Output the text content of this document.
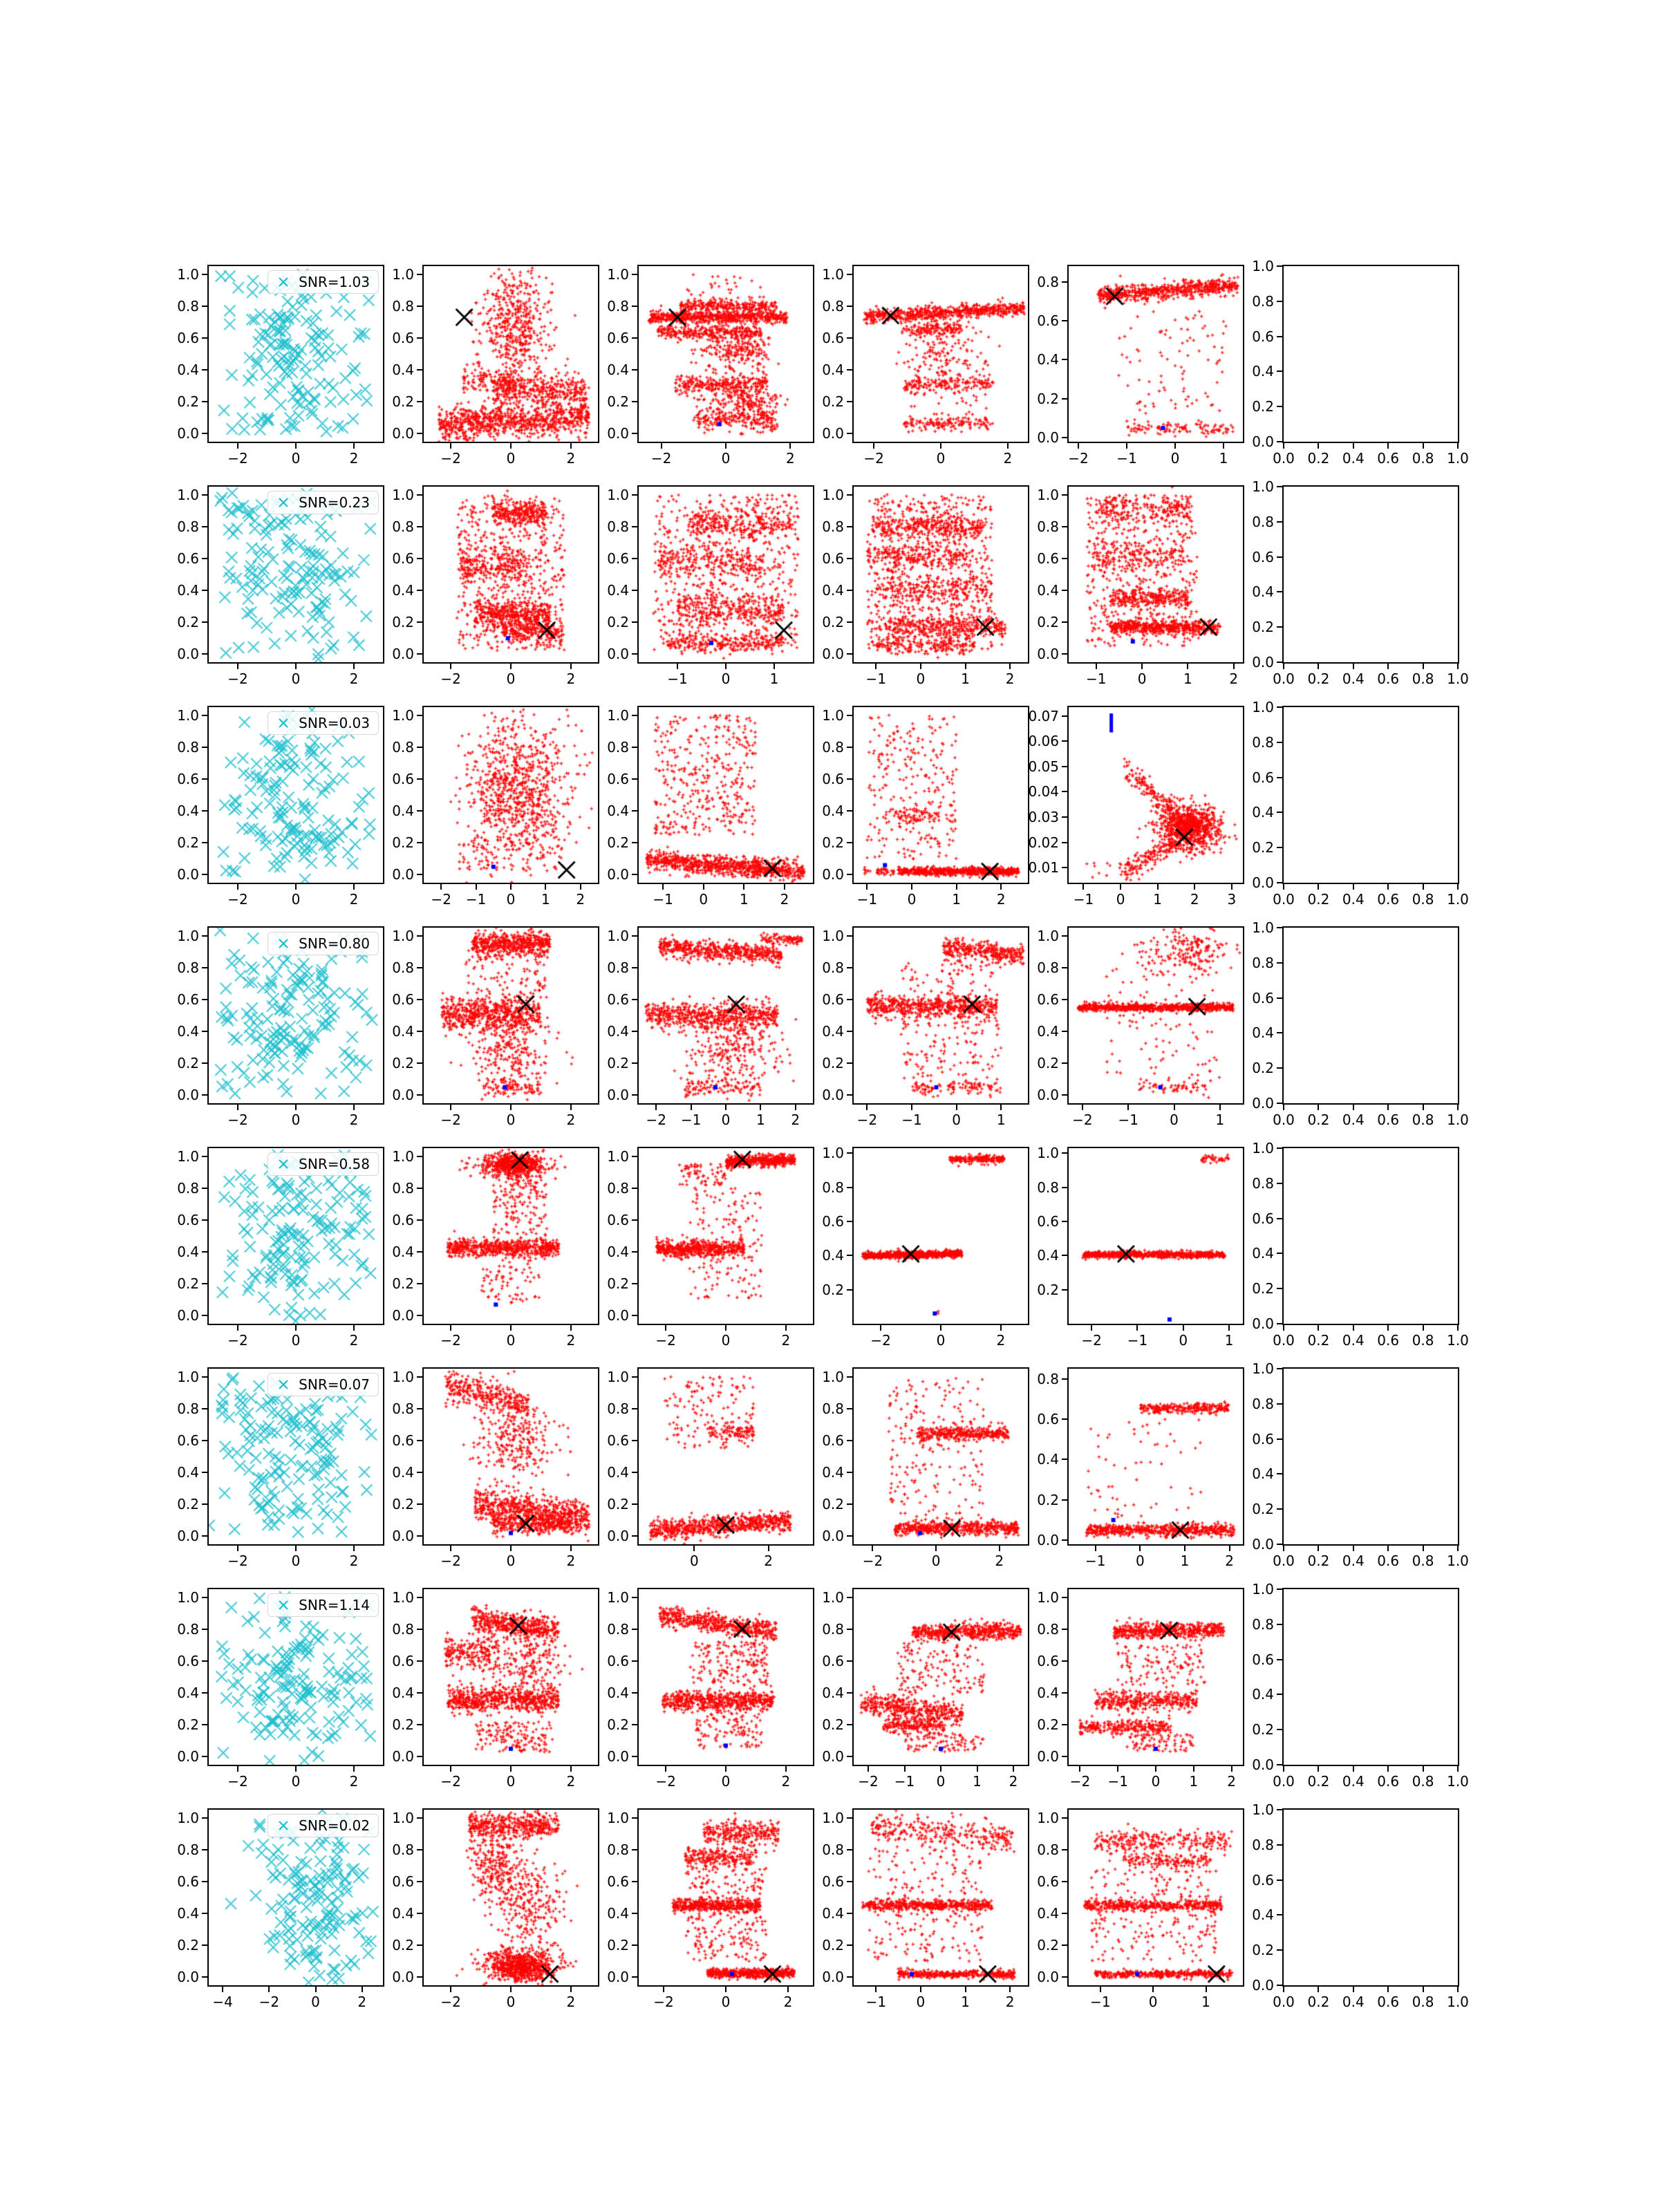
−2	0	2
0.0
0.2
0.4
0.6
0.8
1.0	SNR=1.03
−2	0	2
0.0
0.2
0.4
0.6
0.8
1.0
−2	0	2
0.0
0.2
0.4
0.6
0.8
1.0
−2	0	2
0.0
0.2
0.4
0.6
0.8
1.0
−2 −1 0	1
0.0
0.2
0.4
0.6
0.8
0.0 0.2 0.4 0.6 0.8 1.0
0.0
0.2
0.4
0.6
0.8
1.0
−2	0	2
0.0
0.2
0.4
0.6
0.8
1.0	SNR=0.23
−2	0	2
0.0
0.2
0.4
0.6
0.8
1.0
−1 0	1
0.0
0.2
0.4
0.6
0.8
1.0
−1 0	1	2
0.0
0.2
0.4
0.6
0.8
1.0
−1 0	1	2
0.0
0.2
0.4
0.6
0.8
1.0
0.0 0.2 0.4 0.6 0.8 1.0
0.0
0.2
0.4
0.6
0.8
1.0
−2	0	2
0.0
0.2
0.4
0.6
0.8
1.0	SNR=0.03
−2 −1 0 1 2
0.0
0.2
0.4
0.6
0.8
1.0
−1 0 1 2
0.0
0.2
0.4
0.6
0.8
1.0
−1 0	1	2
0.0
0.2
0.4
0.6
0.8
1.0
−1 0 1 2 3
0.01
0.02
0.03
0.04
0.05
0.06
0.07
0.0 0.2 0.4 0.6 0.8 1.0
0.0
0.2
0.4
0.6
0.8
1.0
−2	0	2
0.0
0.2
0.4
0.6
0.8
1.0	SNR=0.80
−2	0	2
0.0
0.2
0.4
0.6
0.8
1.0
−2 −1 0 1 2
0.0
0.2
0.4
0.6
0.8
1.0
−2 −1 0	1
0.0
0.2
0.4
0.6
0.8
1.0
−2 −1 0	1
0.0
0.2
0.4
0.6
0.8
1.0
0.0 0.2 0.4 0.6 0.8 1.0
0.0
0.2
0.4
0.6
0.8
1.0
−2	0	2
0.0
0.2
0.4
0.6
0.8
1.0	SNR=0.58
−2	0	2
0.0
0.2
0.4
0.6
0.8
1.0
−2	0	2
0.0
0.2
0.4
0.6
0.8
1.0
−2	0	2
0.2
0.4
0.6
0.8
1.0
−2 −1 0	1
0.2
0.4
0.6
0.8
1.0
0.0 0.2 0.4 0.6 0.8 1.0
0.0
0.2
0.4
0.6
0.8
1.0
−2	0	2
0.0
0.2
0.4
0.6
0.8
1.0	SNR=0.07
−2	0	2
0.0
0.2
0.4
0.6
0.8
1.0
0	2
0.0
0.2
0.4
0.6
0.8
1.0
−2	0	2
0.0
0.2
0.4
0.6
0.8
1.0
−1 0	1	2
0.0
0.2
0.4
0.6
0.8
0.0 0.2 0.4 0.6 0.8 1.0
0.0
0.2
0.4
0.6
0.8
1.0
−2	0	2
0.0
0.2
0.4
0.6
0.8
1.0	SNR=1.14
−2	0	2
0.0
0.2
0.4
0.6
0.8
1.0
−2	0	2
0.0
0.2
0.4
0.6
0.8
1.0
−2 −1 0 1 2
0.0
0.2
0.4
0.6
0.8
1.0
−2 −1 0 1 2
0.0
0.2
0.4
0.6
0.8
1.0
0.0 0.2 0.4 0.6 0.8 1.0
0.0
0.2
0.4
0.6
0.8
1.0
−4 −2 0	2
0.0
0.2
0.4
0.6
0.8
1.0	SNR=0.02
−2	0	2
0.0
0.2
0.4
0.6
0.8
1.0
−2	0	2
0.0
0.2
0.4
0.6
0.8
1.0
−1 0	1	2
0.0
0.2
0.4
0.6
0.8
1.0
−1	0	1
0.0
0.2
0.4
0.6
0.8
1.0
0.0 0.2 0.4 0.6 0.8 1.0
0.0
0.2
0.4
0.6
0.8
1.0
